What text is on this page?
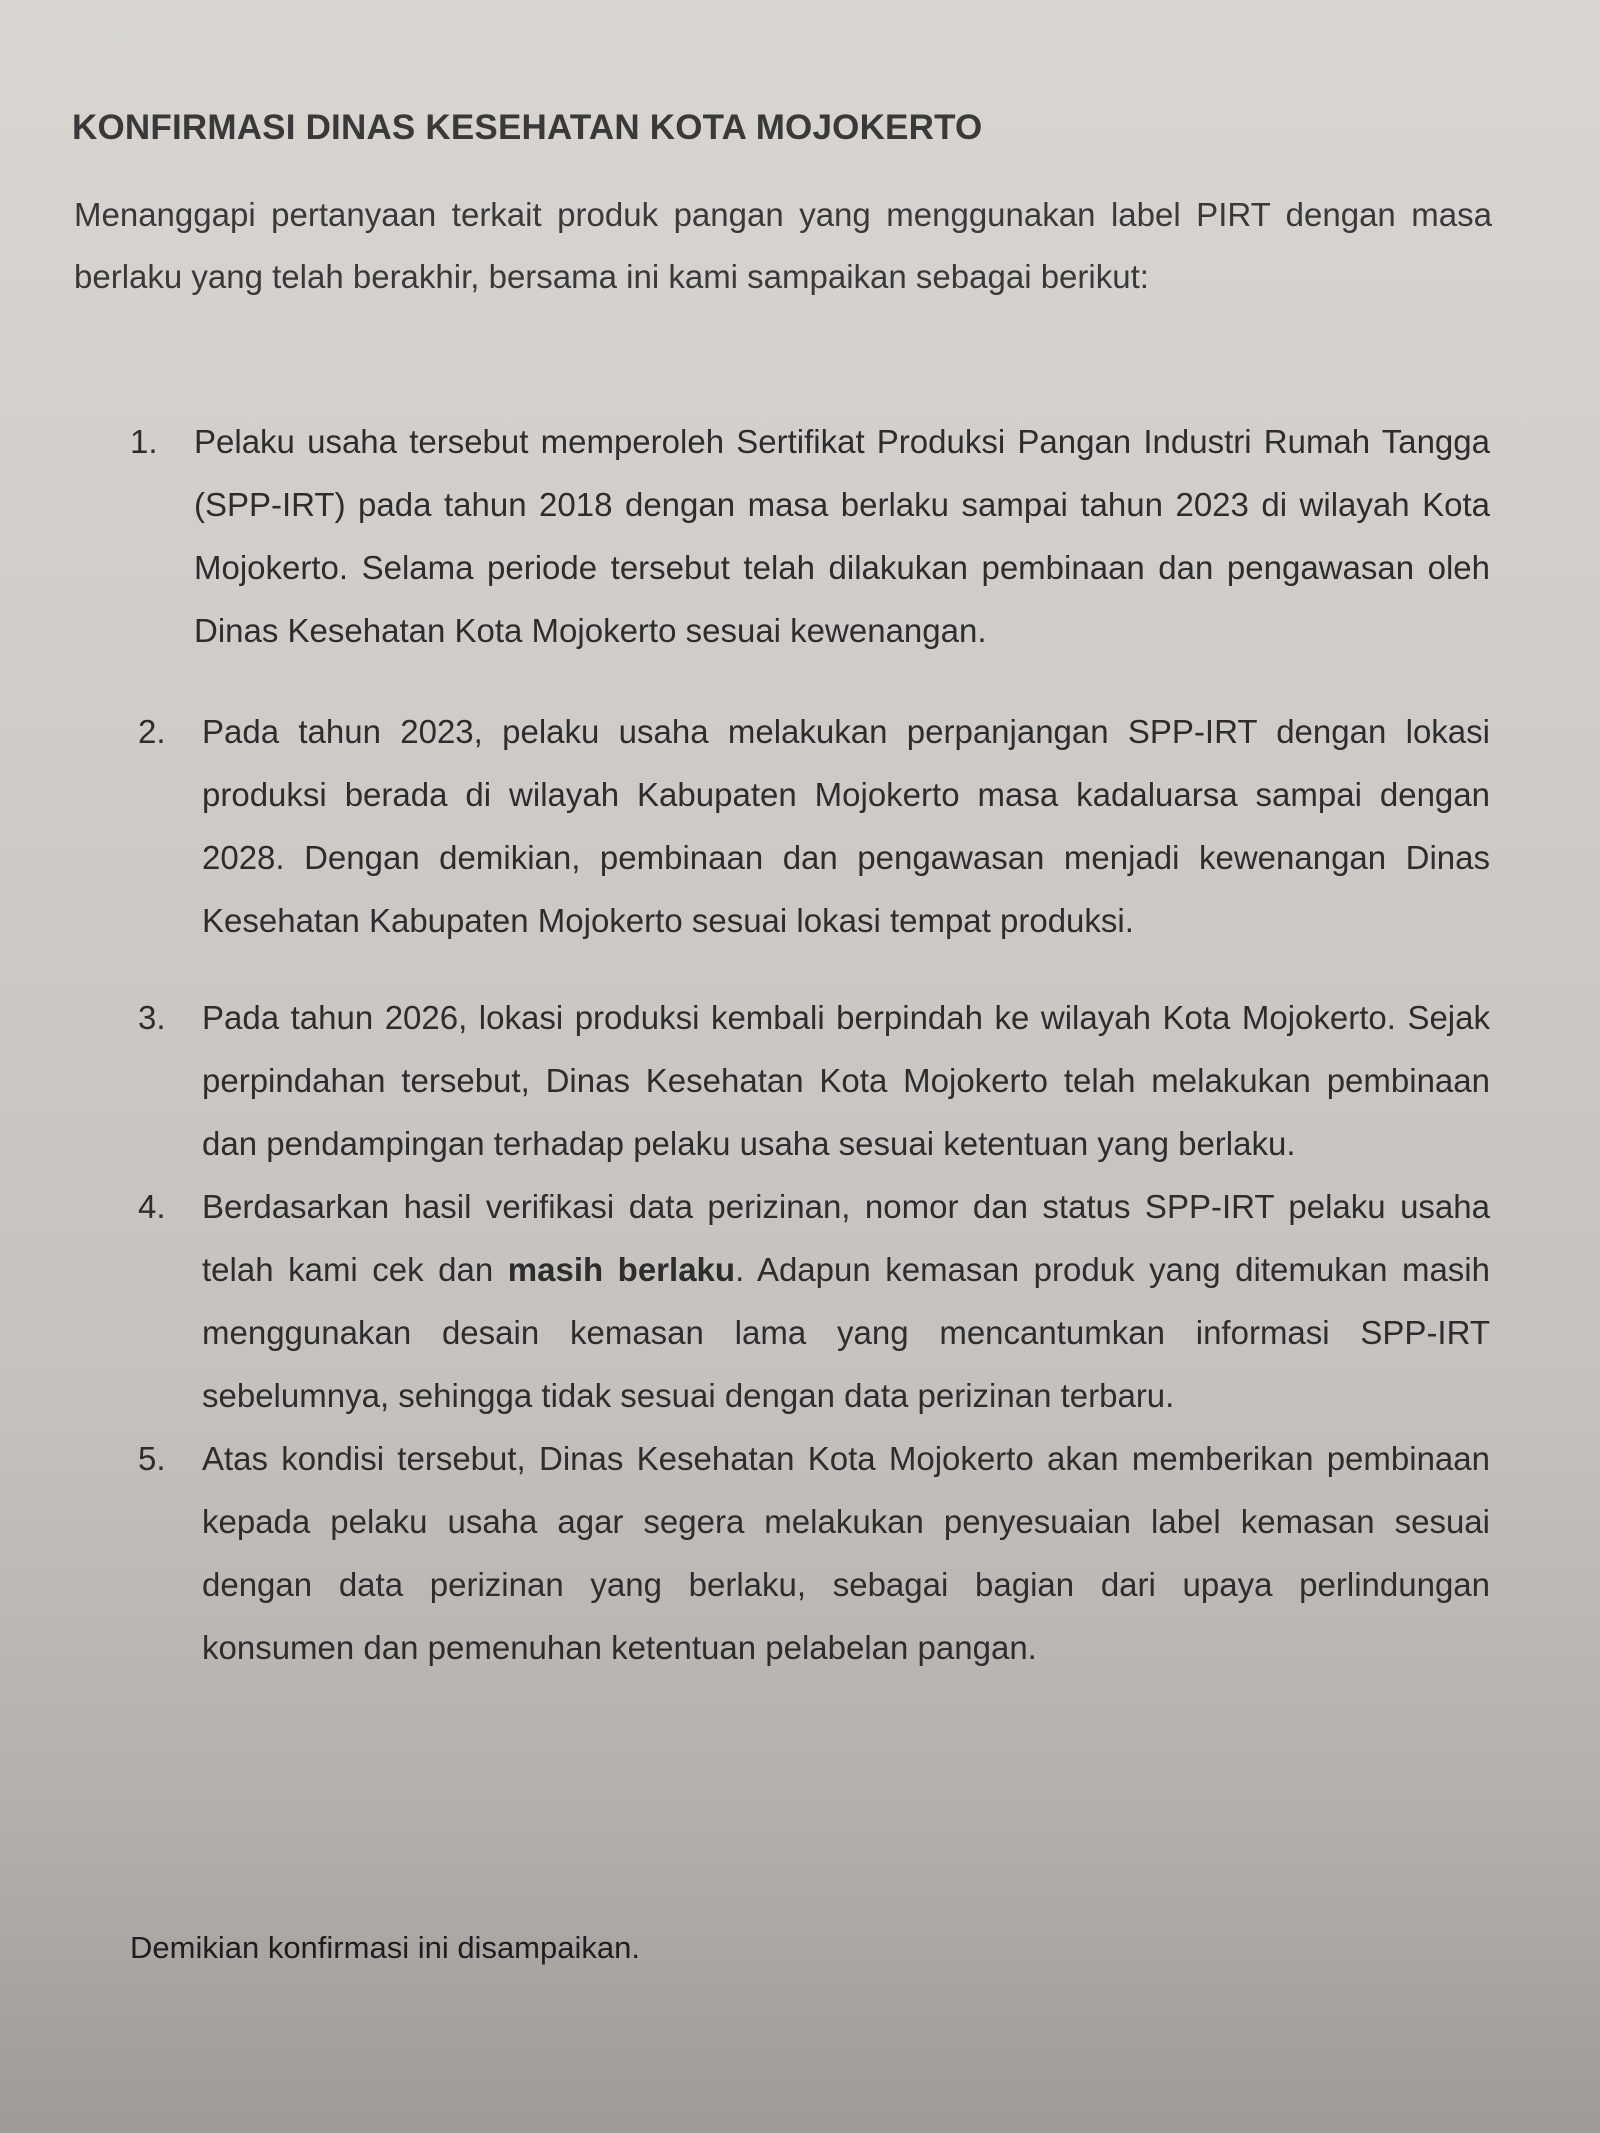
KONFIRMASI DINAS KESEHATAN KOTA MOJOKERTO

Menanggapi pertanyaan terkait produk pangan yang menggunakan label PIRT dengan masa berlaku yang telah berakhir, bersama ini kami sampaikan sebagai berikut:

1.	Pelaku usaha tersebut memperoleh Sertifikat Produksi Pangan Industri Rumah Tangga (SPP-IRT) pada tahun 2018 dengan masa berlaku sampai tahun 2023 di wilayah Kota Mojokerto. Selama periode tersebut telah dilakukan pembinaan dan pengawasan oleh Dinas Kesehatan Kota Mojokerto sesuai kewenangan.
2.	Pada tahun 2023, pelaku usaha melakukan perpanjangan SPP-IRT dengan lokasi produksi berada di wilayah Kabupaten Mojokerto masa kadaluarsa sampai dengan 2028. Dengan demikian, pembinaan dan pengawasan menjadi kewenangan Dinas Kesehatan Kabupaten Mojokerto sesuai lokasi tempat produksi.
3.	Pada tahun 2026, lokasi produksi kembali berpindah ke wilayah Kota Mojokerto. Sejak perpindahan tersebut, Dinas Kesehatan Kota Mojokerto telah melakukan pembinaan dan pendampingan terhadap pelaku usaha sesuai ketentuan yang berlaku.
4.	Berdasarkan hasil verifikasi data perizinan, nomor dan status SPP-IRT pelaku usaha telah kami cek dan masih berlaku. Adapun kemasan produk yang ditemukan masih menggunakan desain kemasan lama yang mencantumkan informasi SPP-IRT sebelumnya, sehingga tidak sesuai dengan data perizinan terbaru.
5.	Atas kondisi tersebut, Dinas Kesehatan Kota Mojokerto akan memberikan pembinaan kepada pelaku usaha agar segera melakukan penyesuaian label kemasan sesuai dengan data perizinan yang berlaku, sebagai bagian dari upaya perlindungan konsumen dan pemenuhan ketentuan pelabelan pangan.

Demikian konfirmasi ini disampaikan.
